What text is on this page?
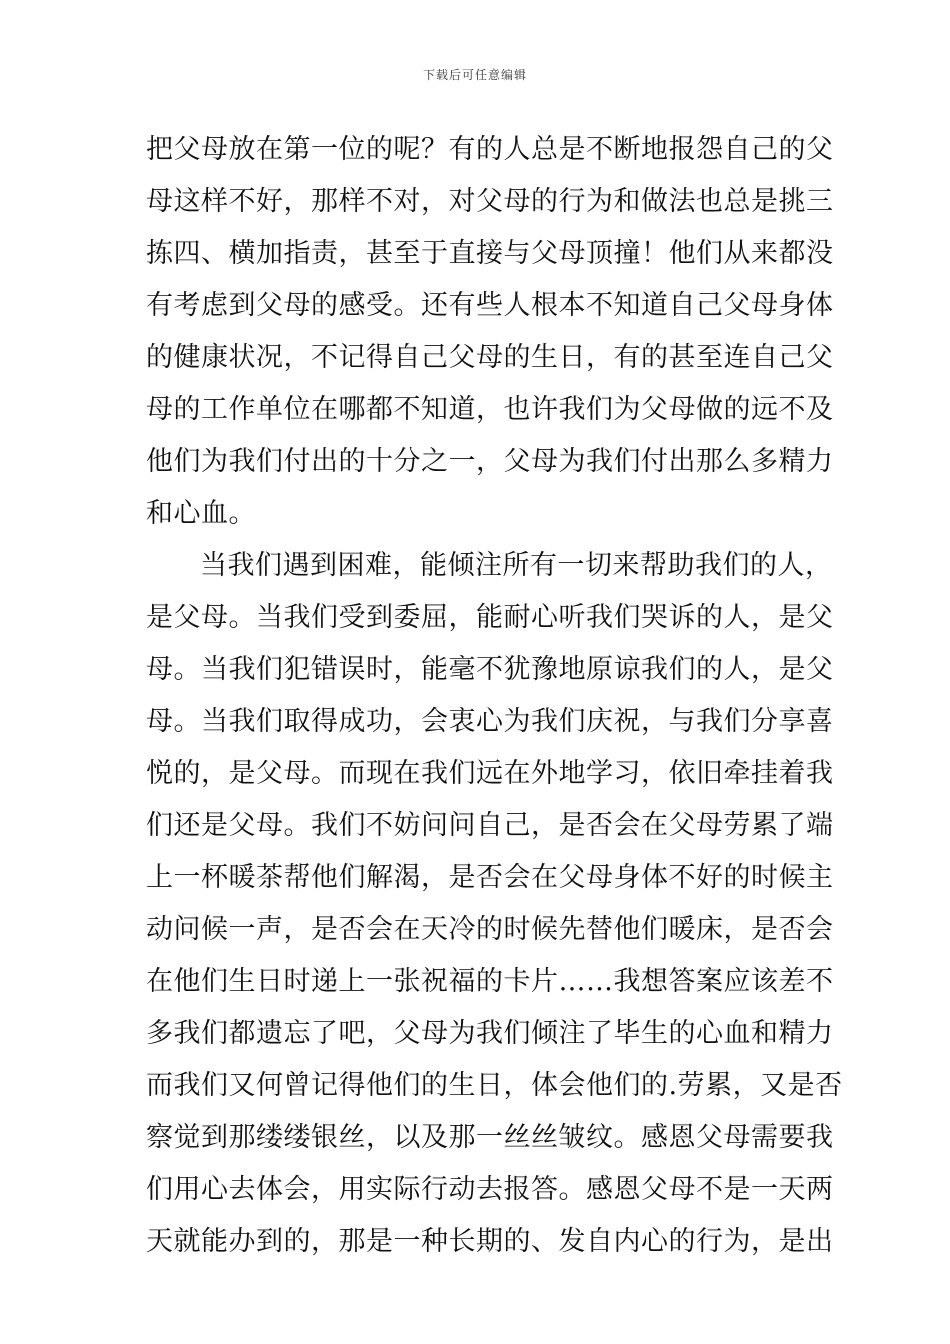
下载后可任意编辑
把父母放在第一位的呢？有的人总是不断地报怨自己的父
母这样不好，那样不对，对父母的行为和做法也总是挑三
拣四、横加指责，甚至于直接与父母顶撞！他们从来都没
有考虑到父母的感受。还有些人根本不知道自己父母身体
的健康状况，不记得自己父母的生日，有的甚至连自己父
母的工作单位在哪都不知道，也许我们为父母做的远不及
他们为我们付出的十分之一，父母为我们付出那么多精力
和心血。
当我们遇到困难，能倾注所有一切来帮助我们的人，
是父母。当我们受到委屈，能耐心听我们哭诉的人，是父
母。当我们犯错误时，能毫不犹豫地原谅我们的人，是父
母。当我们取得成功，会衷心为我们庆祝，与我们分享喜
悦的，是父母。而现在我们远在外地学习，依旧牵挂着我
们还是父母。我们不妨问问自己，是否会在父母劳累了端
上一杯暖茶帮他们解渴，是否会在父母身体不好的时候主
动问候一声，是否会在天冷的时候先替他们暖床，是否会
在他们生日时递上一张祝福的卡片……我想答案应该差不
多我们都遗忘了吧，父母为我们倾注了毕生的心血和精力
而我们又何曾记得他们的生日，体会他们的.劳累，又是否
察觉到那缕缕银丝，以及那一丝丝皱纹。感恩父母需要我
们用心去体会，用实际行动去报答。感恩父母不是一天两
天就能办到的，那是一种长期的、发自内心的行为，是出
